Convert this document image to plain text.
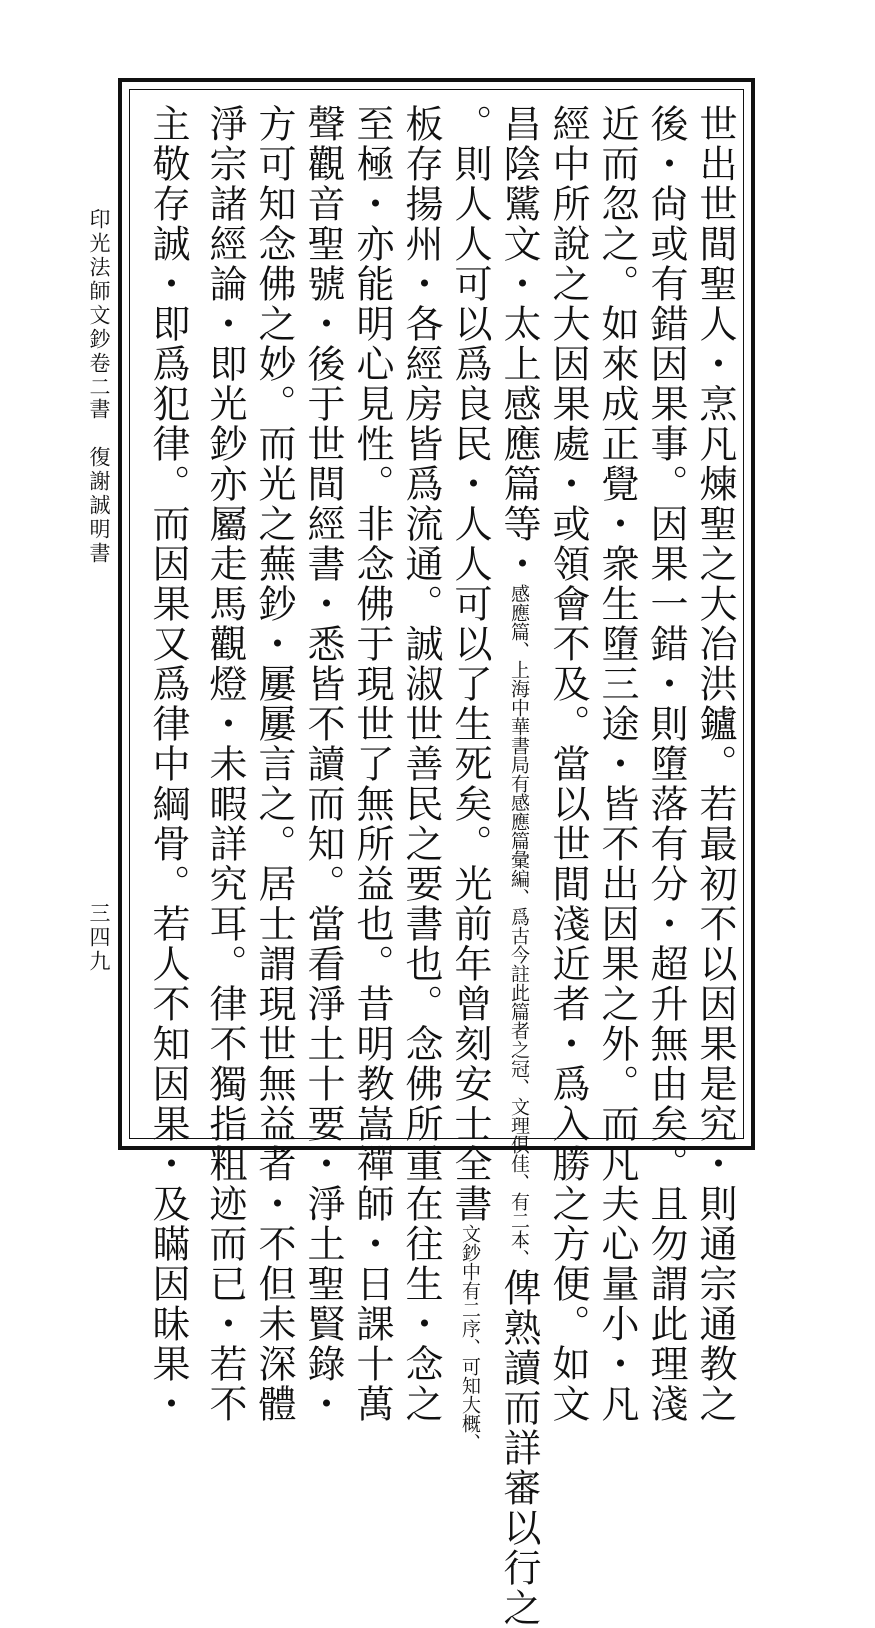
印光法師文鈔卷二
書
復謝誠明書
三四九	世出世間聖人・烹凡煉聖之大冶洪鑪。若最初不以因果是究・則通宗通教之
後・尙或有錯因果事。因果一錯・則墮落有分・超升無由矣。且勿謂此理淺
近而忽之。如來成正覺・衆生墮三途・皆不出因果之外。而凡夫心量小・凡
經中所說之大因果處・或領會不及。當以世間淺近者・爲入勝之方便。如文
昌陰騭文・太上感應篇等・感應篇、上海中華書局有感應篇彙編、爲古今註此篇者之冠、文理俱佳、有二本、俾熟讀而詳審以行之
。則人人可以爲良民・人人可以了生死矣。光前年曾刻安士全書文鈔中有二序、可知大概、
板存揚州・各經房皆爲流通。誠淑世善民之要書也。念佛所重在往生・念之
至極・亦能明心見性。非念佛于現世了無所益也。昔明教嵩禪師・日課十萬
聲觀音聖號・後于世間經書・悉皆不讀而知。當看淨土十要・淨土聖賢錄・
方可知念佛之妙。而光之蕪鈔・屢屢言之。居士謂現世無益者・不但未深體
淨宗諸經論・即光鈔亦屬走馬觀燈・未暇詳究耳。律不獨指粗迹而已・若不
主敬存誠・即爲犯律。而因果又爲律中綱骨。若人不知因果・及瞞因昧果・
